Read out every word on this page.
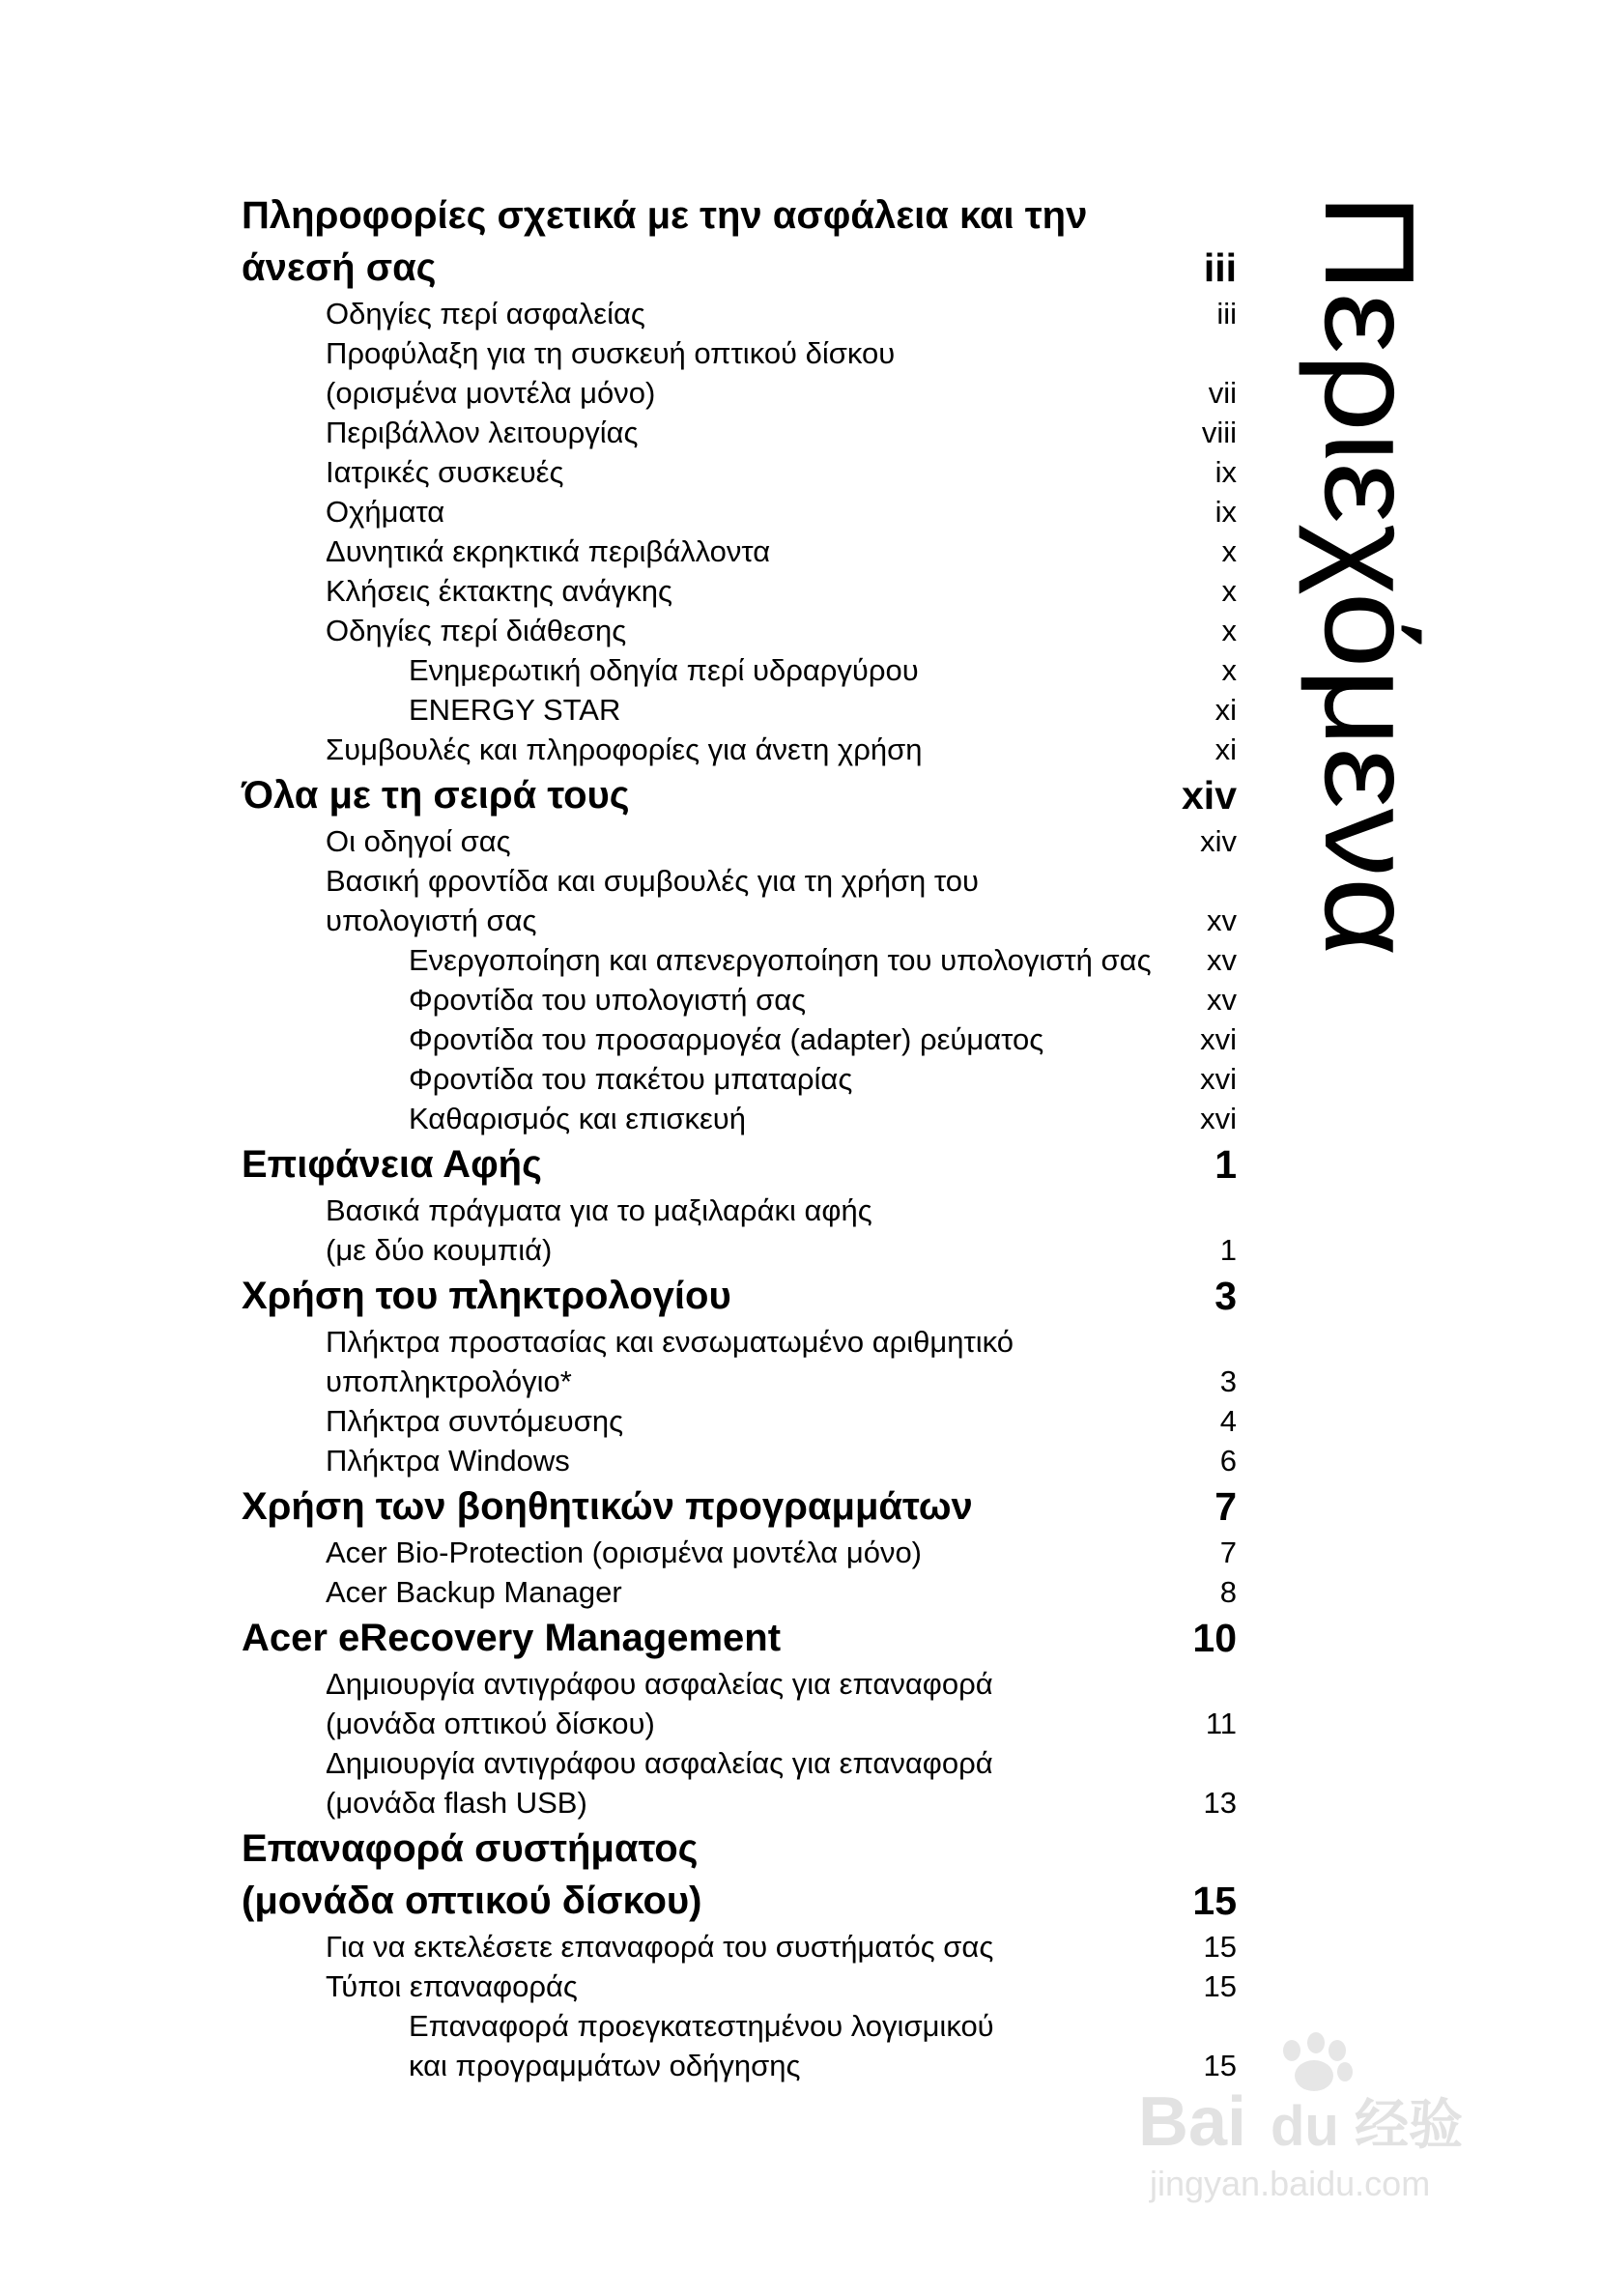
Πληροφορίες σχετικά με την ασφάλεια και την
άνεσή σας	iii
Οδηγίες περί ασφαλείας	iii
Προφύλαξη για τη συσκευή οπτικού δίσκου
(ορισμένα μοντέλα μόνο)	vii
Περιβάλλον λειτουργίας	viii
Ιατρικές συσκευές	ix
Οχήματα	ix
Δυνητικά εκρηκτικά περιβάλλοντα	x
Κλήσεις έκτακτης ανάγκης	x
Οδηγίες περί διάθεσης	x
Ενημερωτική οδηγία περί υδραργύρου	x
ENERGY STAR	xi
Συμβουλές και πληροφορίες για άνετη χρήση	xi
Όλα με τη σειρά τους	xiv
Οι οδηγοί σας	xiv
Βασική φροντίδα και συμβουλές για τη χρήση του
υπολογιστή σας	xv
Ενεργοποίηση και απενεργοποίηση του υπολογιστή σας xv
Φροντίδα του υπολογιστή σας	xv
Φροντίδα του προσαρμογέα (adapter) ρεύματος	xvi
Φροντίδα του πακέτου μπαταρίας	xvi
Καθαρισμός και επισκευή	xvi
Επιφάνεια Αφής	1
Βασικά πράγματα για το μαξιλαράκι αφής
(με δύο κουμπιά)	1
Χρήση του πληκτρολογίου	3
Πλήκτρα προστασίας και ενσωματωμένο αριθμητικό
υποπληκτρολόγιο*	3
Πλήκτρα συντόμευσης	4
Πλήκτρα Windows	6
Χρήση των βοηθητικών προγραμμάτων	7
Acer Bio-Protection (ορισμένα μοντέλα μόνο)	7
Acer Backup Manager	8
Acer eRecovery Management	10
Δημιουργία αντιγράφου ασφαλείας για επαναφορά
(μονάδα οπτικού δίσκου)	11
Δημιουργία αντιγράφου ασφαλείας για επαναφορά
(μονάδα flash USB)	13
Επαναφορά συστήματος
(μονάδα οπτικού δίσκου)	15
Για να εκτελέσετε επαναφορά του συστήματός σας	15
Τύποι επαναφοράς	15
Επαναφορά προεγκατεστημένου λογισμικού
και προγραμμάτων οδήγησης	15
Περιεχόμενα
Bai du 经验
jingyan.baidu.com
